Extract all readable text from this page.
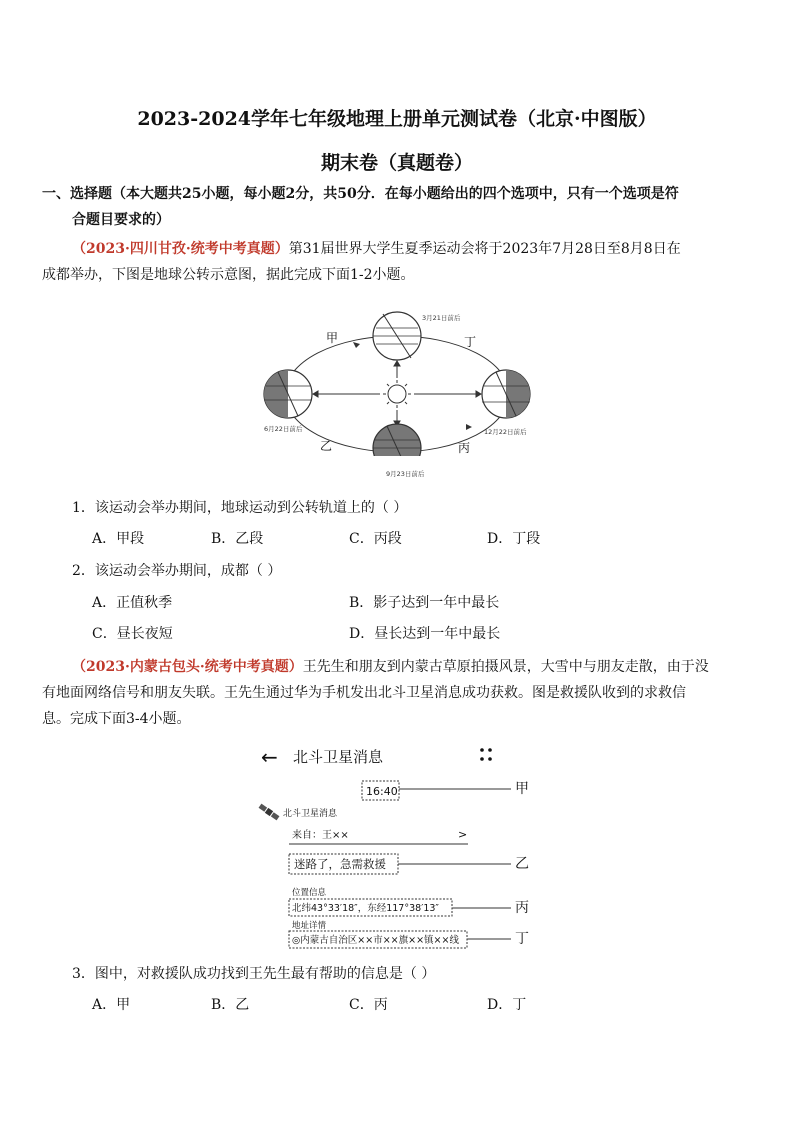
2023-2024学年七年级地理上册单元测试卷（北京·中图版）
期末卷（真题卷）
一、选择题（本大题共25小题，每小题2分，共50分．在每小题给出的四个选项中，只有一个选项是符
合题目要求的）
（2023·四川甘孜·统考中考真题）第31届世界大学生夏季运动会将于2023年7月28日至8月8日在
成都举办，下图是地球公转示意图，据此完成下面1-2小题。
3月21日前后
6月22日前后	12月22日前后
甲	丁
乙	丙
9月23日前后
1．该运动会举办期间，地球运动到公转轨道上的（ ）
A．甲段	B．乙段	C．丙段	D．丁段
2．该运动会举办期间，成都（ ）
A．正值秋季	B．影子达到一年中最长
C．昼长夜短	D．昼长达到一年中最长
（2023·内蒙古包头·统考中考真题）王先生和朋友到内蒙古草原拍摄风景，大雪中与朋友走散，由于没
有地面网络信号和朋友失联。王先生通过华为手机发出北斗卫星消息成功获救。图是救援队收到的求救信
息。完成下面3-4小题。
← 北斗卫星消息
16:40	甲
北斗卫星消息
来自：王××	>
迷路了，急需救援	乙
位置信息
北纬43°33′18″，东经117°38′13″	丙
地址详情
◎内蒙古自治区××市××旗××镇××线	丁
3．图中，对救援队成功找到王先生最有帮助的信息是（ ）
A．甲	B．乙	C．丙	D．丁
